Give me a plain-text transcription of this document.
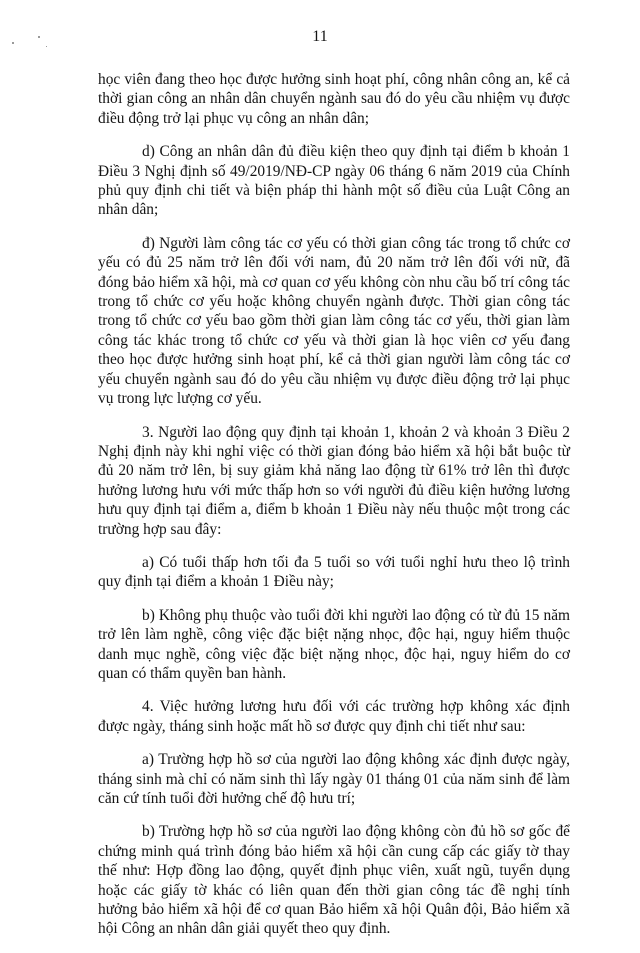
11

học viên đang theo học được hưởng sinh hoạt phí, công nhân công an, kể cả thời gian công an nhân dân chuyển ngành sau đó do yêu cầu nhiệm vụ được điều động trở lại phục vụ công an nhân dân;

d) Công an nhân dân đủ điều kiện theo quy định tại điểm b khoản 1 Điều 3 Nghị định số 49/2019/NĐ-CP ngày 06 tháng 6 năm 2019 của Chính phủ quy định chi tiết và biện pháp thi hành một số điều của Luật Công an nhân dân;

đ) Người làm công tác cơ yếu có thời gian công tác trong tổ chức cơ yếu có đủ 25 năm trở lên đối với nam, đủ 20 năm trở lên đối với nữ, đã đóng bảo hiểm xã hội, mà cơ quan cơ yếu không còn nhu cầu bố trí công tác trong tổ chức cơ yếu hoặc không chuyển ngành được. Thời gian công tác trong tổ chức cơ yếu bao gồm thời gian làm công tác cơ yếu, thời gian làm công tác khác trong tổ chức cơ yếu và thời gian là học viên cơ yếu đang theo học được hưởng sinh hoạt phí, kể cả thời gian người làm công tác cơ yếu chuyển ngành sau đó do yêu cầu nhiệm vụ được điều động trở lại phục vụ trong lực lượng cơ yếu.

3. Người lao động quy định tại khoản 1, khoản 2 và khoản 3 Điều 2 Nghị định này khi nghỉ việc có thời gian đóng bảo hiểm xã hội bắt buộc từ đủ 20 năm trở lên, bị suy giảm khả năng lao động từ 61% trở lên thì được hưởng lương hưu với mức thấp hơn so với người đủ điều kiện hưởng lương hưu quy định tại điểm a, điểm b khoản 1 Điều này nếu thuộc một trong các trường hợp sau đây:

a) Có tuổi thấp hơn tối đa 5 tuổi so với tuổi nghỉ hưu theo lộ trình quy định tại điểm a khoản 1 Điều này;

b) Không phụ thuộc vào tuổi đời khi người lao động có từ đủ 15 năm trở lên làm nghề, công việc đặc biệt nặng nhọc, độc hại, nguy hiểm thuộc danh mục nghề, công việc đặc biệt nặng nhọc, độc hại, nguy hiểm do cơ quan có thẩm quyền ban hành.

4. Việc hưởng lương hưu đối với các trường hợp không xác định được ngày, tháng sinh hoặc mất hồ sơ được quy định chi tiết như sau:

a) Trường hợp hồ sơ của người lao động không xác định được ngày, tháng sinh mà chỉ có năm sinh thì lấy ngày 01 tháng 01 của năm sinh để làm căn cứ tính tuổi đời hưởng chế độ hưu trí;

b) Trường hợp hồ sơ của người lao động không còn đủ hồ sơ gốc để chứng minh quá trình đóng bảo hiểm xã hội cần cung cấp các giấy tờ thay thế như: Hợp đồng lao động, quyết định phục viên, xuất ngũ, tuyển dụng hoặc các giấy tờ khác có liên quan đến thời gian công tác đề nghị tính hưởng bảo hiểm xã hội để cơ quan Bảo hiểm xã hội Quân đội, Bảo hiểm xã hội Công an nhân dân giải quyết theo quy định.
